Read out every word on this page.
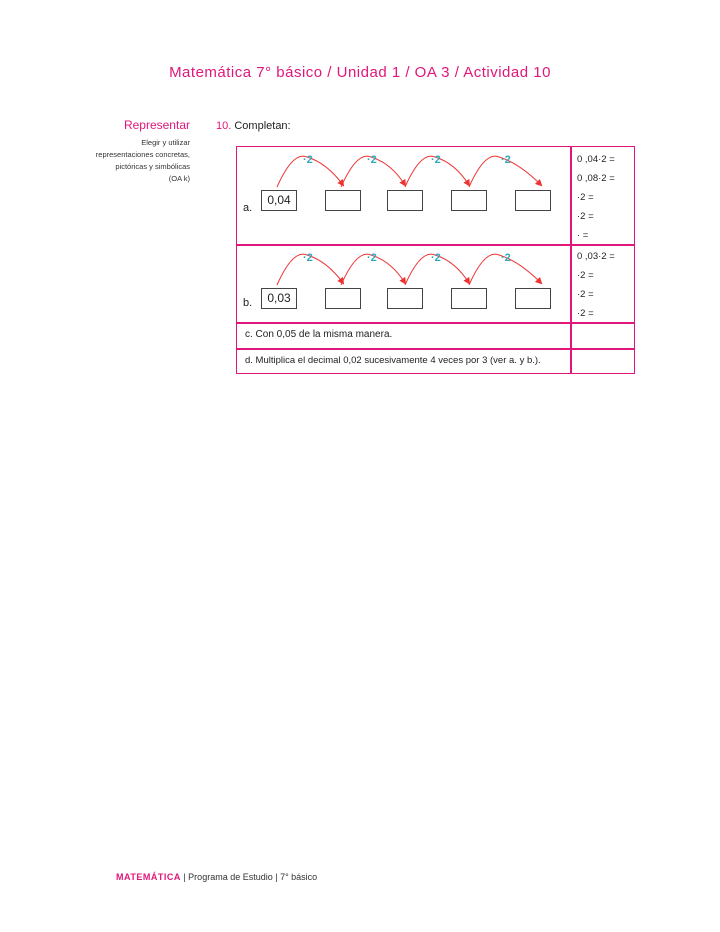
Matemática 7° básico / Unidad 1 / OA 3 / Actividad 10
Representar
Elegir y utilizar
representaciones concretas,
pictóricas y simbólicas
(OA k)
10. Completan:
·2	·2	·2	·2
·2	·2	·2	·2
a.
0,04
0 ,04·2 =
0 ,08·2 =
·2 =
·2 =
· =
b.	0,03
0 ,03·2 =
·2 =
·2 =
·2 =
c. Con 0,05 de la misma manera.
d. Multiplica el decimal 0,02 sucesivamente 4 veces por 3 (ver a. y b.).
MATEMÁTICA | Programa de Estudio | 7° básico
